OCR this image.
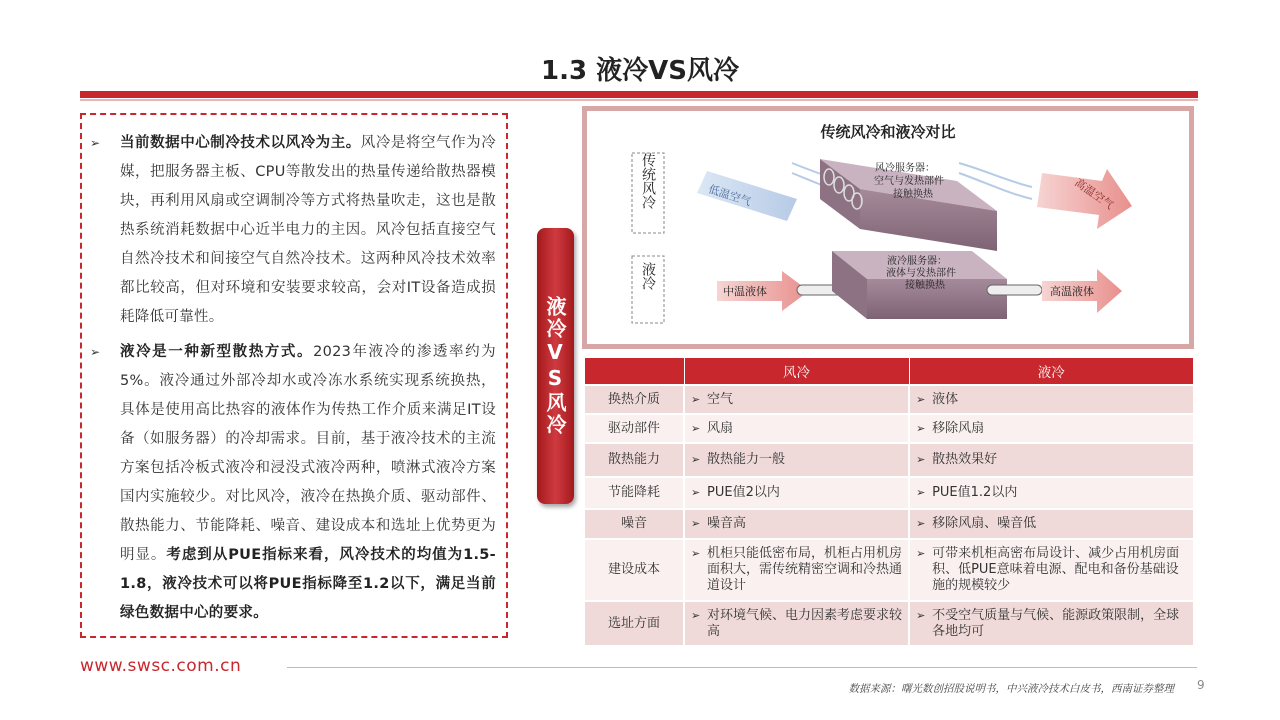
1.3 液冷VS风冷
➢	当前数据中心制冷技术以风冷为主。风冷是将空气作为冷媒，把服务器主板、CPU等散发出的热量传递给散热器模块，再利用风扇或空调制冷等方式将热量吹走，这也是散热系统消耗数据中心近半电力的主因。风冷包括直接空气自然冷技术和间接空气自然冷技术。这两种风冷技术效率都比较高，但对环境和安装要求较高，会对IT设备造成损耗降低可靠性。
➢	液冷是一种新型散热方式。2023年液冷的渗透率约为5%。液冷通过外部冷却水或冷冻水系统实现系统换热，具体是使用高比热容的液体作为传热工作介质来满足IT设备（如服务器）的冷却需求。目前，基于液冷技术的主流方案包括冷板式液冷和浸没式液冷两种，喷淋式液冷方案国内实施较少。对比风冷，液冷在热换介质、驱动部件、散热能力、节能降耗、噪音、建设成本和选址上优势更为明显。考虑到从PUE指标来看，风冷技术的均值为1.5-1.8，液冷技术可以将PUE指标降至1.2以下，满足当前绿色数据中心的要求。
液冷VS风冷
传统风冷和液冷对比
传统风冷
液冷
低温空气
风冷服务器：
空气与发热部件
接触换热	高温空气
中温液体
液冷服务器：
液体与发热部件
接触换热	高温液体
	风冷	液冷
换热介质	➢ 空气	➢ 液体

驱动部件	➢ 风扇	➢ 移除风扇

散热能力	➢ 散热能力一般	➢ 散热效果好

节能降耗	➢ PUE值2以内	➢ PUE值1.2以内

噪音	➢ 噪音高	➢ 移除风扇、噪音低

建设成本	➢ 机柜只能低密布局，机柜占用机房面积大，需传统精密空调和冷热通道设计	➢ 可带来机柜高密布局设计、减少占用机房面积、低PUE意味着电源、配电和备份基础设施的规模较少

选址方面	➢ 对环境气候、电力因素考虑要求较高	➢ 不受空气质量与气候、能源政策限制，全球各地均可
www.swsc.com.cn
数据来源：曙光数创招股说明书，中兴液冷技术白皮书，西南证券整理 9
